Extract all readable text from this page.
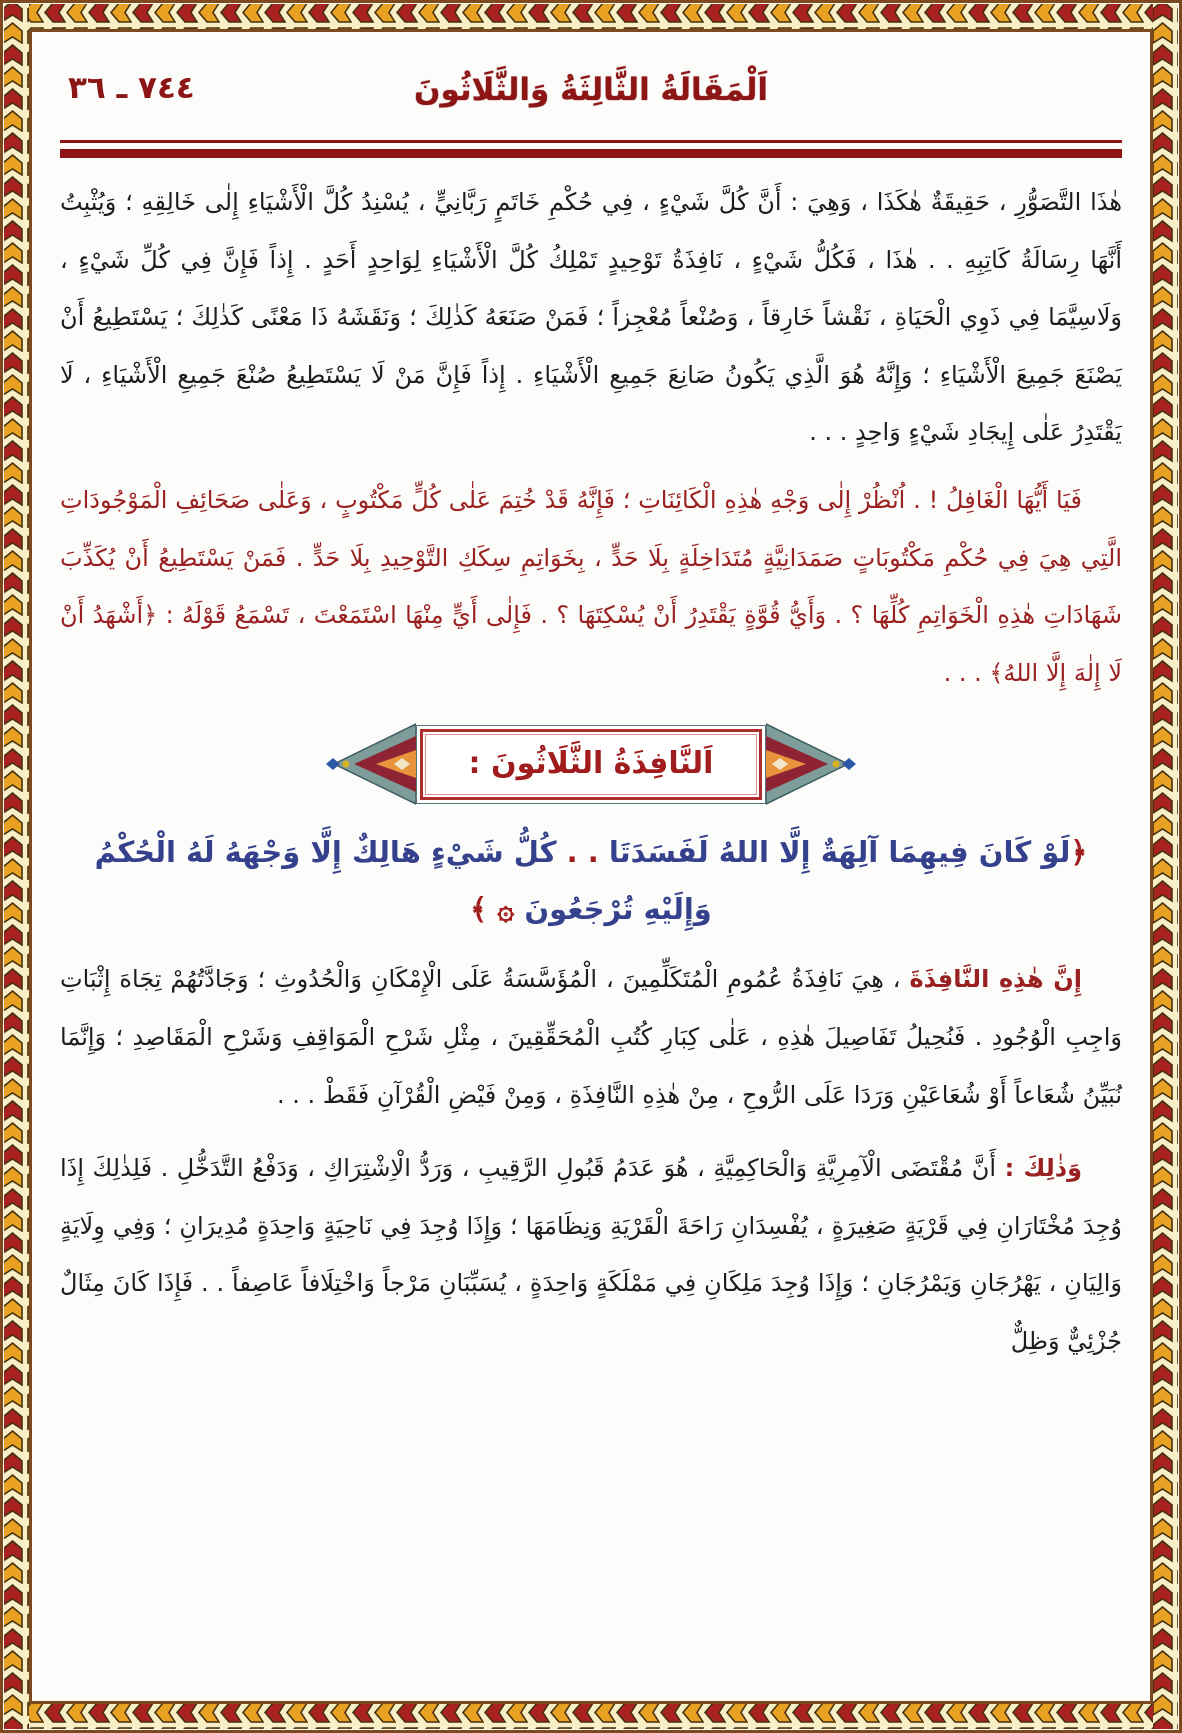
٧٤٤ ـ ٣٦	اَلْمَقَالَةُ الثَّالِثَةُ وَالثَّلَاثُونَ

هٰذَا التَّصَوُّرِ ، حَقِيقَةٌ هٰكَذَا ، وَهِيَ : أَنَّ كُلَّ شَيْءٍ ، فِي حُكْمِ خَاتَمٍ رَبَّانِيٍّ ، يُسْنِدُ كُلَّ الْأَشْيَاءِ إِلٰى خَالِقِهِ ؛ وَيُثْبِتُ أَنَّهَا رِسَالَةُ كَاتِبِهِ . . هٰذَا ، فَكُلُّ شَيْءٍ ، نَافِذَةُ تَوْحِيدٍ تَمْلِكُ كُلَّ الْأَشْيَاءِ لِوَاحِدٍ أَحَدٍ . إِذاً فَإِنَّ فِي كُلِّ شَيْءٍ ، وَلَاسِيَّمَا فِي ذَوِي الْحَيَاةِ ، نَقْشاً خَارِقاً ، وَصُنْعاً مُعْجِزاً ؛ فَمَنْ صَنَعَهُ كَذٰلِكَ ؛ وَنَقَشَهُ ذَا مَعْنًى كَذٰلِكَ ؛ يَسْتَطِيعُ أَنْ يَصْنَعَ جَمِيعَ الْأَشْيَاءِ ؛ وَإِنَّهُ هُوَ الَّذِي يَكُونُ صَانِعَ جَمِيعِ الْأَشْيَاءِ . إِذاً فَإِنَّ مَنْ لَا يَسْتَطِيعُ صُنْعَ جَمِيعِ الْأَشْيَاءِ ، لَا يَقْتَدِرُ عَلٰى إِيجَادِ شَيْءٍ وَاحِدٍ . . .

فَيَا أَيُّهَا الْغَافِلُ ! . اُنْظُرْ إِلٰى وَجْهِ هٰذِهِ الْكَائِنَاتِ ؛ فَإِنَّهُ قَدْ خُتِمَ عَلٰى كُلٍّ مَكْتُوبٍ ، وَعَلٰى صَحَائِفِ الْمَوْجُودَاتِ الَّتِي هِيَ فِي حُكْمِ مَكْتُوبَاتٍ صَمَدَانِيَّةٍ مُتَدَاخِلَةٍ بِلَا حَدٍّ ، بِخَوَاتِمِ سِكَكِ التَّوْحِيدِ بِلَا حَدٍّ . فَمَنْ يَسْتَطِيعُ أَنْ يُكَذِّبَ شَهَادَاتِ هٰذِهِ الْخَوَاتِمِ كُلِّهَا ؟ . وَأَيُّ قُوَّةٍ يَقْتَدِرُ أَنْ يُسْكِتَهَا ؟ . فَإِلٰى أَيٍّ مِنْهَا اسْتَمَعْتَ ، تَسْمَعُ قَوْلَهُ : ﴿أَشْهَدُ أَنْ لَا إِلٰهَ إِلَّا اللهُ﴾ . . .

اَلنَّافِذَةُ الثَّلَاثُونَ :
﴿لَوْ كَانَ فِيهِمَا آلِهَةٌ إِلَّا اللهُ لَفَسَدَتَا . . كُلُّ شَيْءٍ هَالِكٌ إِلَّا وَجْهَهُ لَهُ الْحُكْمُ وَإِلَيْهِ تُرْجَعُونَ ۞ ﴾

إِنَّ هٰذِهِ النَّافِذَةَ ، هِيَ نَافِذَةُ عُمُومِ الْمُتَكَلِّمِينَ ، الْمُؤَسَّسَةُ عَلَى الْإِمْكَانِ وَالْحُدُوثِ ؛ وَجَادَّتُهُمْ تِجَاهَ إِثْبَاتِ وَاجِبِ الْوُجُودِ . فَنُحِيلُ تَفَاصِيلَ هٰذِهِ ، عَلٰى كِبَارِ كُتُبِ الْمُحَقِّقِينَ ، مِثْلِ شَرْحِ الْمَوَاقِفِ وَشَرْحِ الْمَقَاصِدِ ؛ وَإِنَّمَا نُبَيِّنُ شُعَاعاً أَوْ شُعَاعَيْنِ وَرَدَا عَلَى الرُّوحِ ، مِنْ هٰذِهِ النَّافِذَةِ ، وَمِنْ فَيْضِ الْقُرْآنِ فَقَطْ . . .

وَذٰلِكَ : أَنَّ مُقْتَضَى الْآمِرِيَّةِ وَالْحَاكِمِيَّةِ ، هُوَ عَدَمُ قَبُولِ الرَّقِيبِ ، وَرَدُّ الْاِشْتِرَاكِ ، وَدَفْعُ التَّدَخُّلِ . فَلِذٰلِكَ إِذَا وُجِدَ مُخْتَارَانِ فِي قَرْيَةٍ صَغِيرَةٍ ، يُفْسِدَانِ رَاحَةَ الْقَرْيَةِ وَنِظَامَهَا ؛ وَإِذَا وُجِدَ فِي نَاحِيَةٍ وَاحِدَةٍ مُدِيرَانِ ؛ وَفِي وِلَايَةٍ وَالِيَانِ ، يَهْرُجَانِ وَيَمْرُجَانِ ؛ وَإِذَا وُجِدَ مَلِكَانِ فِي مَمْلَكَةٍ وَاحِدَةٍ ، يُسَبِّبَانِ مَرْجاً وَاخْتِلَافاً عَاصِفاً . . فَإِذَا كَانَ مِثَالٌ جُزْئِيٌّ وَظِلٌّ
